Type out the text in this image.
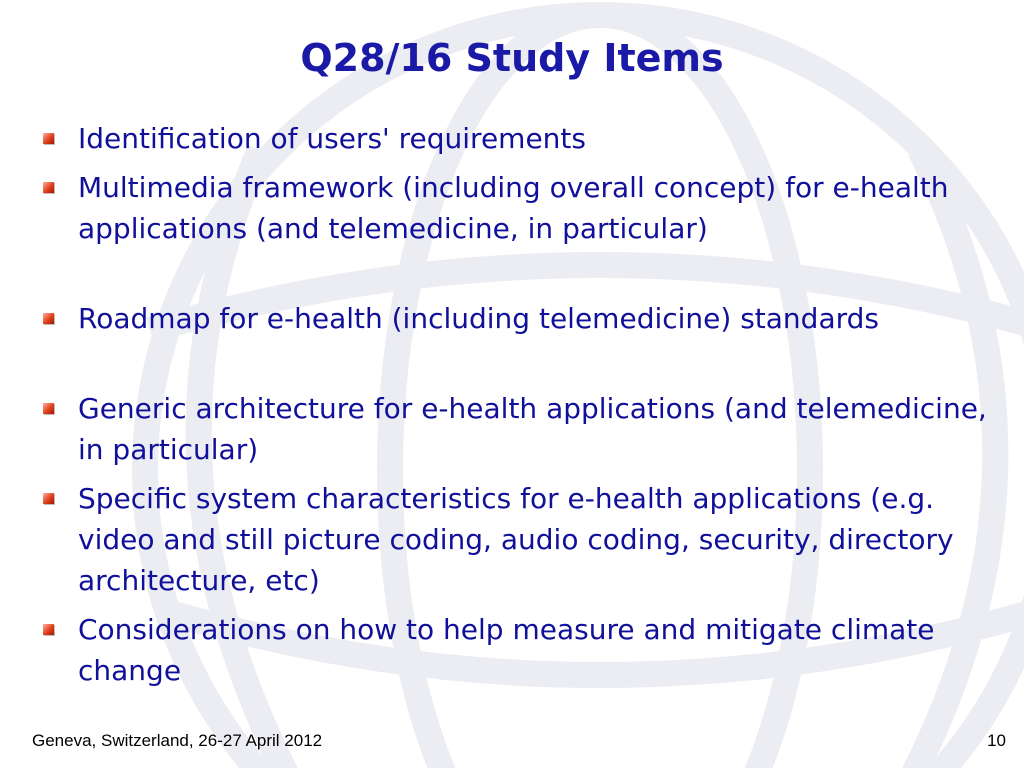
Q28/16 Study Items
Identification of users' requirements
Multimedia framework (including overall concept) for e-health applications (and telemedicine, in particular)
Roadmap for e-health (including telemedicine) standards
Generic architecture for e-health applications (and telemedicine, in particular)
Specific system characteristics for e-health applications (e.g. video and still picture coding, audio coding, security, directory architecture, etc)
Considerations on how to help measure and mitigate climate change
Geneva, Switzerland, 26-27 April 2012	10
